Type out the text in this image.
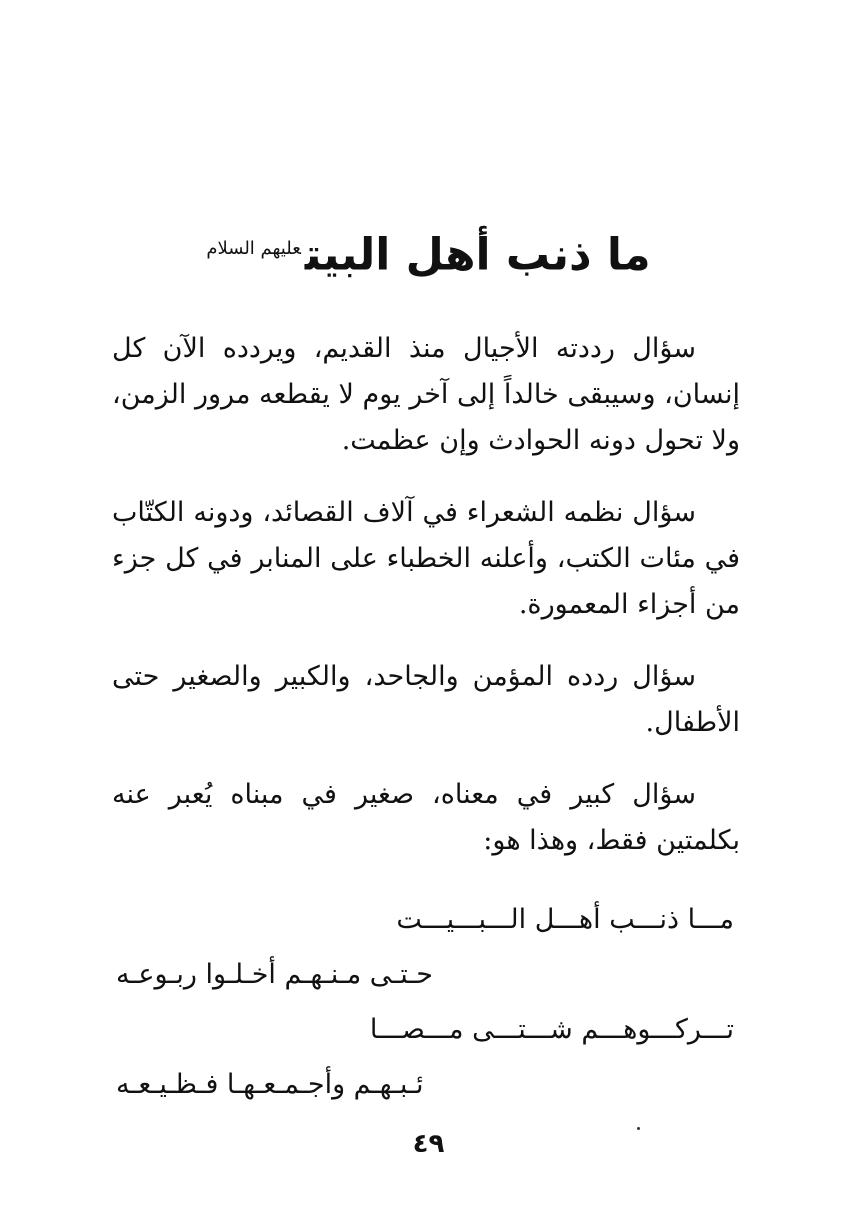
ما ذنب أهل البيت$^{عليهم السلام}$

سؤال رددته الأجيال منذ القديم، ويردده الآن كل إنسان، وسيبقى خالداً إلى آخر يوم لا يقطعه مرور الزمن، ولا تحول دونه الحوادث وإن عظمت.

سؤال نظمه الشعراء في آلاف القصائد، ودونه الكتّاب في مئات الكتب، وأعلنه الخطباء على المنابر في كل جزء من أجزاء المعمورة.

سؤال ردده المؤمن والجاحد، والكبير والصغير حتى الأطفال.

سؤال كبير في معناه، صغير في مبناه يُعبر عنه بكلمتين فقط، وهذا هو:

مـــا ذنـــب أهـــل الـــبـــيـــت
حـتـى مـنـهـم أخـلـوا ربـوعـه
تـــركـــوهـــم شـــتـــى مـــصـــا
ئـبـهـم وأجـمـعـهـا فـظـيـعـه
٤٩
